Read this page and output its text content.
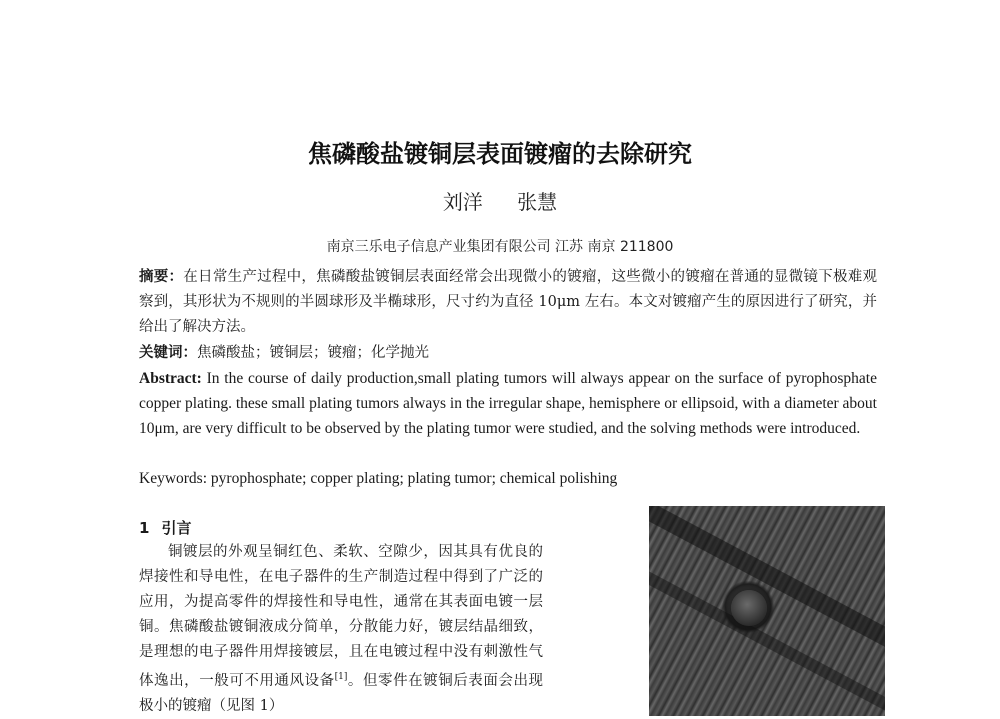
焦磷酸盐镀铜层表面镀瘤的去除研究
刘洋 张慧
南京三乐电子信息产业集团有限公司 江苏 南京 211800
摘要：在日常生产过程中，焦磷酸盐镀铜层表面经常会出现微小的镀瘤，这些微小的镀瘤在普通的显微镜下极难观察到，其形状为不规则的半圆球形及半椭球形，尺寸约为直径 10μm 左右。本文对镀瘤产生的原因进行了研究，并给出了解决方法。
关键词：焦磷酸盐；镀铜层；镀瘤；化学抛光
Abstract: In the course of daily production,small plating tumors will always appear on the surface of pyrophosphate copper plating. these small plating tumors always in the irregular shape, hemisphere or ellipsoid, with a diameter about 10μm, are very difficult to be observed by the plating tumor were studied, and the solving methods were introduced.
Keywords: pyrophosphate; copper plating; plating tumor; chemical polishing
1 引言
铜镀层的外观呈铜红色、柔软、空隙少，因其具有优良的焊接性和导电性，在电子器件的生产制造过程中得到了广泛的应用，为提高零件的焊接性和导电性，通常在其表面电镀一层铜。焦磷酸盐镀铜液成分简单，分散能力好，镀层结晶细致，是理想的电子器件用焊接镀层，且在电镀过程中没有刺激性气体逸出，一般可不用通风设备[1]。但零件在镀铜后表面会出现极小的镀瘤（见图 1）
